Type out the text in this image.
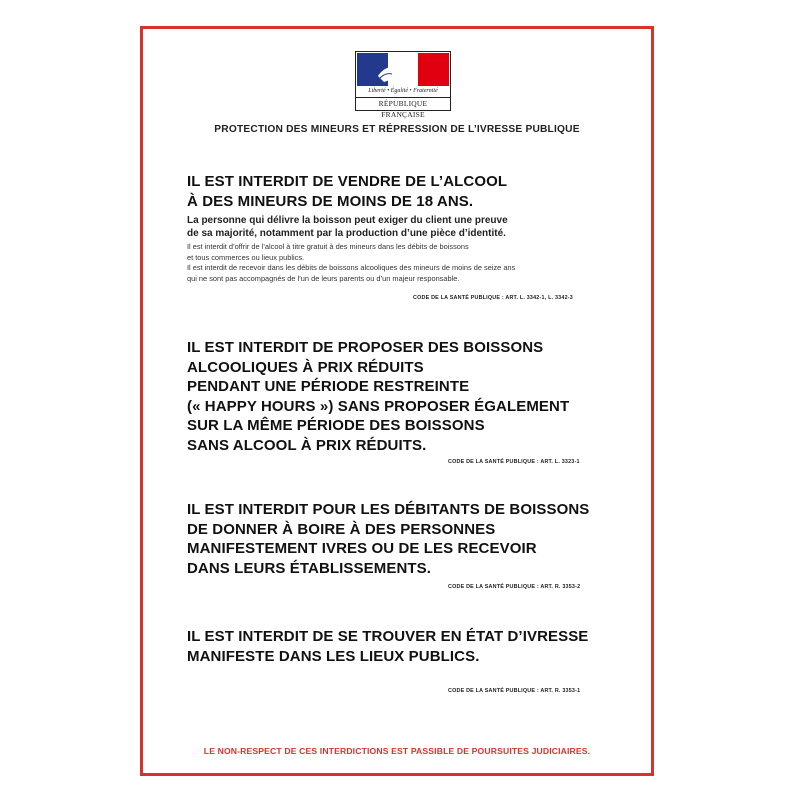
Liberté • Égalité • Fraternité
RÉPUBLIQUE FRANÇAISE
PROTECTION DES MINEURS ET RÉPRESSION DE L’IVRESSE PUBLIQUE
IL EST INTERDIT DE VENDRE DE L’ALCOOL
À DES MINEURS DE MOINS DE 18 ANS.
La personne qui délivre la boisson peut exiger du client une preuve
de sa majorité, notamment par la production d’une pièce d’identité.
Il est interdit d’offrir de l’alcool à titre gratuit à des mineurs dans les débits de boissons
et tous commerces ou lieux publics.
Il est interdit de recevoir dans les débits de boissons alcooliques des mineurs de moins de seize ans
qui ne sont pas accompagnés de l’un de leurs parents ou d’un majeur responsable.
CODE DE LA SANTÉ PUBLIQUE : ART. L. 3342-1, L. 3342-3
IL EST INTERDIT DE PROPOSER DES BOISSONS
ALCOOLIQUES À PRIX RÉDUITS
PENDANT UNE PÉRIODE RESTREINTE
(« HAPPY HOURS ») SANS PROPOSER ÉGALEMENT
SUR LA MÊME PÉRIODE DES BOISSONS
SANS ALCOOL À PRIX RÉDUITS.
CODE DE LA SANTÉ PUBLIQUE : ART. L. 3323-1
IL EST INTERDIT POUR LES DÉBITANTS DE BOISSONS
DE DONNER À BOIRE À DES PERSONNES
MANIFESTEMENT IVRES OU DE LES RECEVOIR
DANS LEURS ÉTABLISSEMENTS.
CODE DE LA SANTÉ PUBLIQUE : ART. R. 3353-2
IL EST INTERDIT DE SE TROUVER EN ÉTAT D’IVRESSE
MANIFESTE DANS LES LIEUX PUBLICS.
CODE DE LA SANTÉ PUBLIQUE : ART. R. 3353-1
LE NON-RESPECT DE CES INTERDICTIONS EST PASSIBLE DE POURSUITES JUDICIAIRES.
